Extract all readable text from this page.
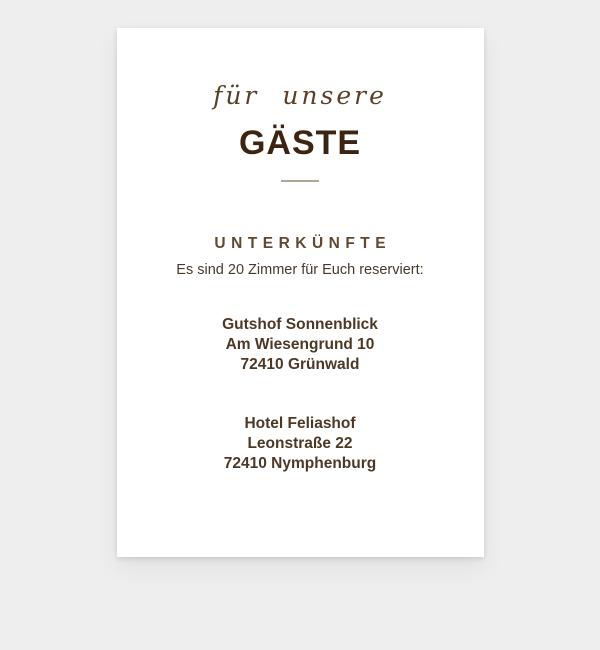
für unsere
GÄSTE
UNTERKÜNFTE

Es sind 20 Zimmer für Euch reserviert:

Gutshof Sonnenblick
Am Wiesengrund 10
72410 Grünwald
Hotel Feliashof
Leonstraße 22
72410 Nymphenburg
